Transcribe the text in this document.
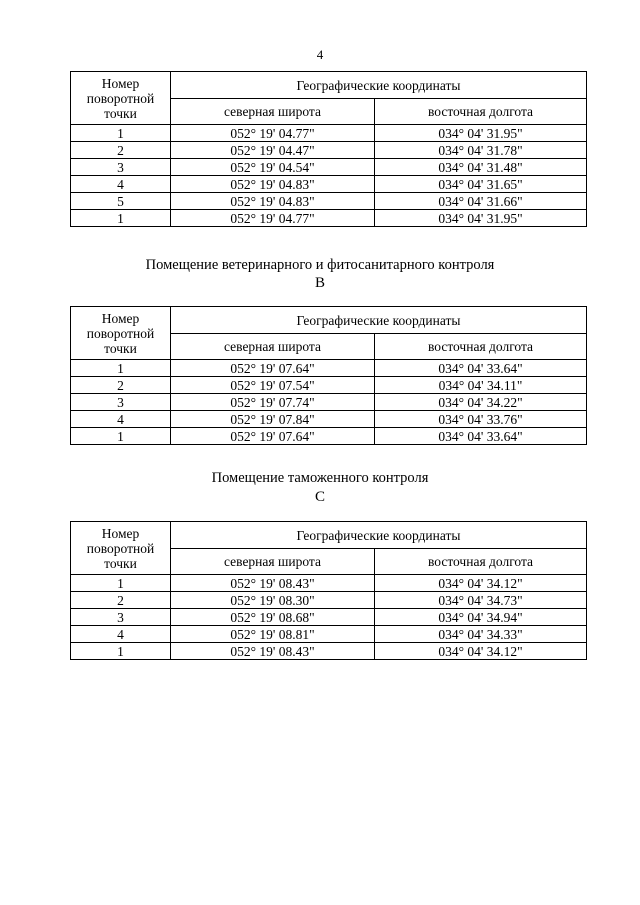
4
Номер
поворотной
точки	Географические координаты	
	северная широта	восточная долгота
1	052° 19' 04.77"	034° 04' 31.95"
2	052° 19' 04.47"	034° 04' 31.78"
3	052° 19' 04.54"	034° 04' 31.48"
4	052° 19' 04.83"	034° 04' 31.65"
5	052° 19' 04.83"	034° 04' 31.66"
1	052° 19' 04.77"	034° 04' 31.95"
Помещение ветеринарного и фитосанитарного контроля
В
Номер
поворотной
точки	Географические координаты	
	северная широта	восточная долгота
1	052° 19' 07.64"	034° 04' 33.64"
2	052° 19' 07.54"	034° 04' 34.11"
3	052° 19' 07.74"	034° 04' 34.22"
4	052° 19' 07.84"	034° 04' 33.76"
1	052° 19' 07.64"	034° 04' 33.64"
Помещение таможенного контроля
С
Номер
поворотной
точки	Географические координаты	
	северная широта	восточная долгота
1	052° 19' 08.43"	034° 04' 34.12"
2	052° 19' 08.30"	034° 04' 34.73"
3	052° 19' 08.68"	034° 04' 34.94"
4	052° 19' 08.81"	034° 04' 34.33"
1	052° 19' 08.43"	034° 04' 34.12"
